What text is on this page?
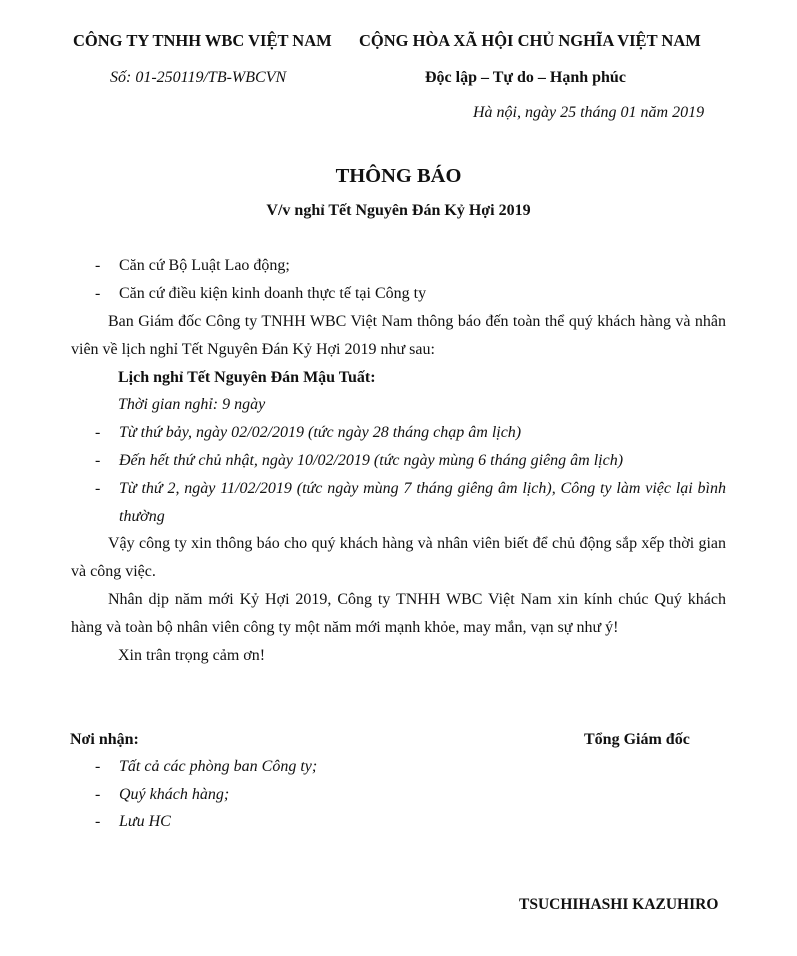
CÔNG TY TNHH WBC VIỆT NAM CỘNG HÒA XÃ HỘI CHỦ NGHĨA VIỆT NAM
Số: 01-250119/TB-WBCVN	Độc lập – Tự do – Hạnh phúc
Hà nội, ngày 25 tháng 01 năm 2019
THÔNG BÁO
V/v nghỉ Tết Nguyên Đán Kỷ Hợi 2019
- Căn cứ Bộ Luật Lao động;
- Căn cứ điều kiện kinh doanh thực tế tại Công ty
Ban Giám đốc Công ty TNHH WBC Việt Nam thông báo đến toàn thể quý khách hàng và nhân viên về lịch nghỉ Tết Nguyên Đán Kỷ Hợi 2019 như sau:
Lịch nghỉ Tết Nguyên Đán Mậu Tuất:
Thời gian nghỉ: 9 ngày
- Từ thứ bảy, ngày 02/02/2019 (tức ngày 28 tháng chạp âm lịch)
- Đến hết thứ chủ nhật, ngày 10/02/2019 (tức ngày mùng 6 tháng giêng âm lịch)
- Từ thứ 2, ngày 11/02/2019 (tức ngày mùng 7 tháng giêng âm lịch), Công ty làm việc lại bình
thường
Vậy công ty xin thông báo cho quý khách hàng và nhân viên biết để chủ động sắp xếp thời gian và công việc.
Nhân dịp năm mới Kỷ Hợi 2019, Công ty TNHH WBC Việt Nam xin kính chúc Quý khách hàng và toàn bộ nhân viên công ty một năm mới mạnh khỏe, may mắn, vạn sự như ý!
Xin trân trọng cảm ơn!
Nơi nhận:
- Tất cả các phòng ban Công ty;
- Quý khách hàng;
- Lưu HC
Tổng Giám đốc
TSUCHIHASHI KAZUHIRO
